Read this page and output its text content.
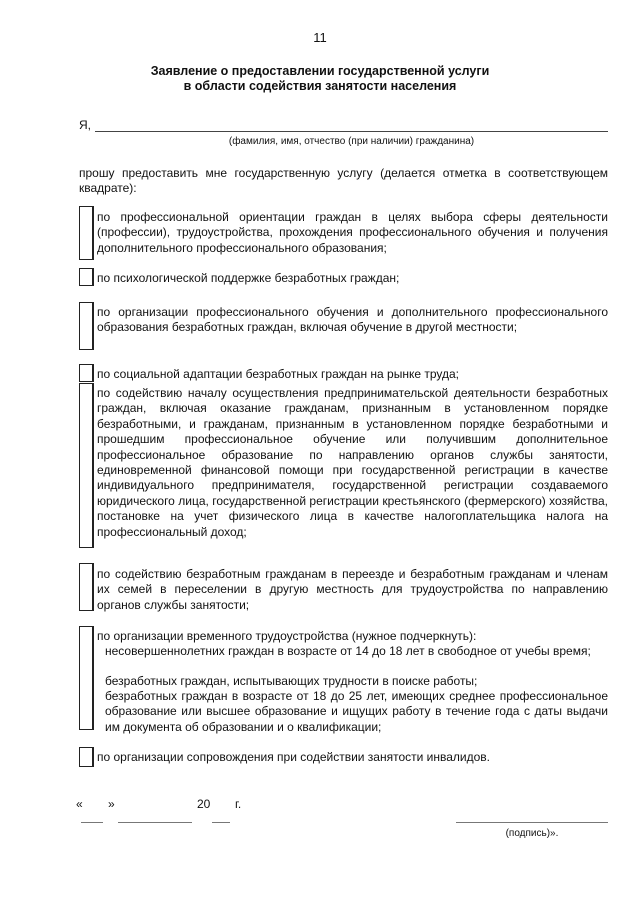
11
Заявление о предоставлении государственной услуги
в области содействия занятости населения
Я,
(фамилия, имя, отчество (при наличии) гражданина)
прошу предоставить мне государственную услугу (делается отметка в соответствующем квадрате):
по профессиональной ориентации граждан в целях выбора сферы деятельности (профессии), трудоустройства, прохождения профессионального обучения и получения дополнительного профессионального образования;
по психологической поддержке безработных граждан;
по организации профессионального обучения и дополнительного профессионального образования безработных граждан, включая обучение в другой местности;
по социальной адаптации безработных граждан на рынке труда;
по содействию началу осуществления предпринимательской деятельности безработных граждан, включая оказание гражданам, признанным в установленном порядке безработными, и гражданам, признанным в установленном порядке безработными и прошедшим профессиональное обучение или получившим дополнительное профессиональное образование по направлению органов службы занятости, единовременной финансовой помощи при государственной регистрации в качестве индивидуального предпринимателя, государственной регистрации создаваемого юридического лица, государственной регистрации крестьянского (фермерского) хозяйства, постановке на учет физического лица в качестве налогоплательщика налога на профессиональный доход;
по содействию безработным гражданам в переезде и безработным гражданам и членам их семей в переселении в другую местность для трудоустройства по направлению органов службы занятости;
по организации временного трудоустройства (нужное подчеркнуть):
несовершеннолетних граждан в возрасте от 14 до 18 лет в свободное от учебы время;
безработных граждан, испытывающих трудности в поиске работы;
безработных граждан в возрасте от 18 до 25 лет, имеющих среднее профессиональное образование или высшее образование и ищущих работу в течение года с даты выдачи им документа об образовании и о квалификации;
по организации сопровождения при содействии занятости инвалидов.
« »	20 г.
(подпись)».
